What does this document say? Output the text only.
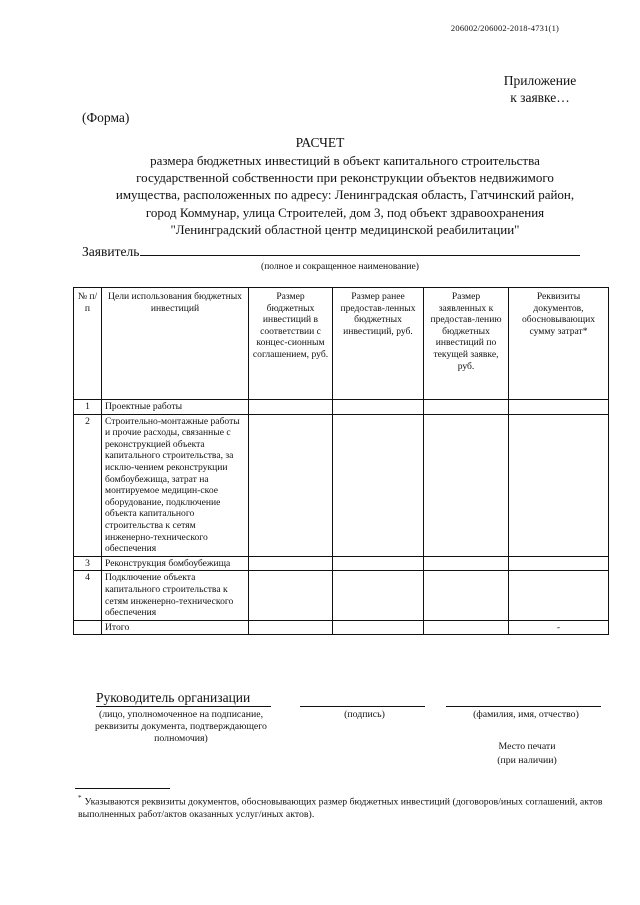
206002/206002-2018-4731(1)
Приложение
к заявке…
(Форма)
РАСЧЕТ
размера бюджетных инвестиций в объект капитального строительства
государственной собственности при реконструкции объектов недвижимого
имущества, расположенных по адресу: Ленинградская область, Гатчинский район,
город Коммунар, улица Строителей, дом 3, под объект здравоохранения
"Ленинградский областной центр медицинской реабилитации"
Заявитель
(полное и сокращенное наименование)
№ п/п	Цели использования бюджетных инвестиций	Размер бюджетных инвестиций в соответствии с концес-сионным соглашением, руб.	Размер ранее предостав-ленных бюджетных инвестиций, руб.	Размер заявленных к предостав-лению бюджетных инвестиций по текущей заявке, руб.	Реквизиты документов, обосновывающих сумму затрат*
1	Проектные работы				
2	Строительно-монтажные работы и прочие расходы, связанные с реконструкцией объекта капитального строительства, за исклю-чением реконструкции бомбоубежища, затрат на монтируемое медицин-ское оборудование, подключение объекта капитального строительства к сетям инженерно-технического обеспечения				
3	Реконструкция бомбоубежища				
4	Подключение объекта капитального строительства к сетям инженерно-технического обеспечения				
	Итого				-
Руководитель организации
(лицо, уполномоченное на подписание, реквизиты документа, подтверждающего полномочия)
(подпись)	(фамилия, имя, отчество)
Место печати
(при наличии)
* Указываются реквизиты документов, обосновывающих размер бюджетных инвестиций (договоров/иных соглашений, актов выполненных работ/актов оказанных услуг/иных актов).
